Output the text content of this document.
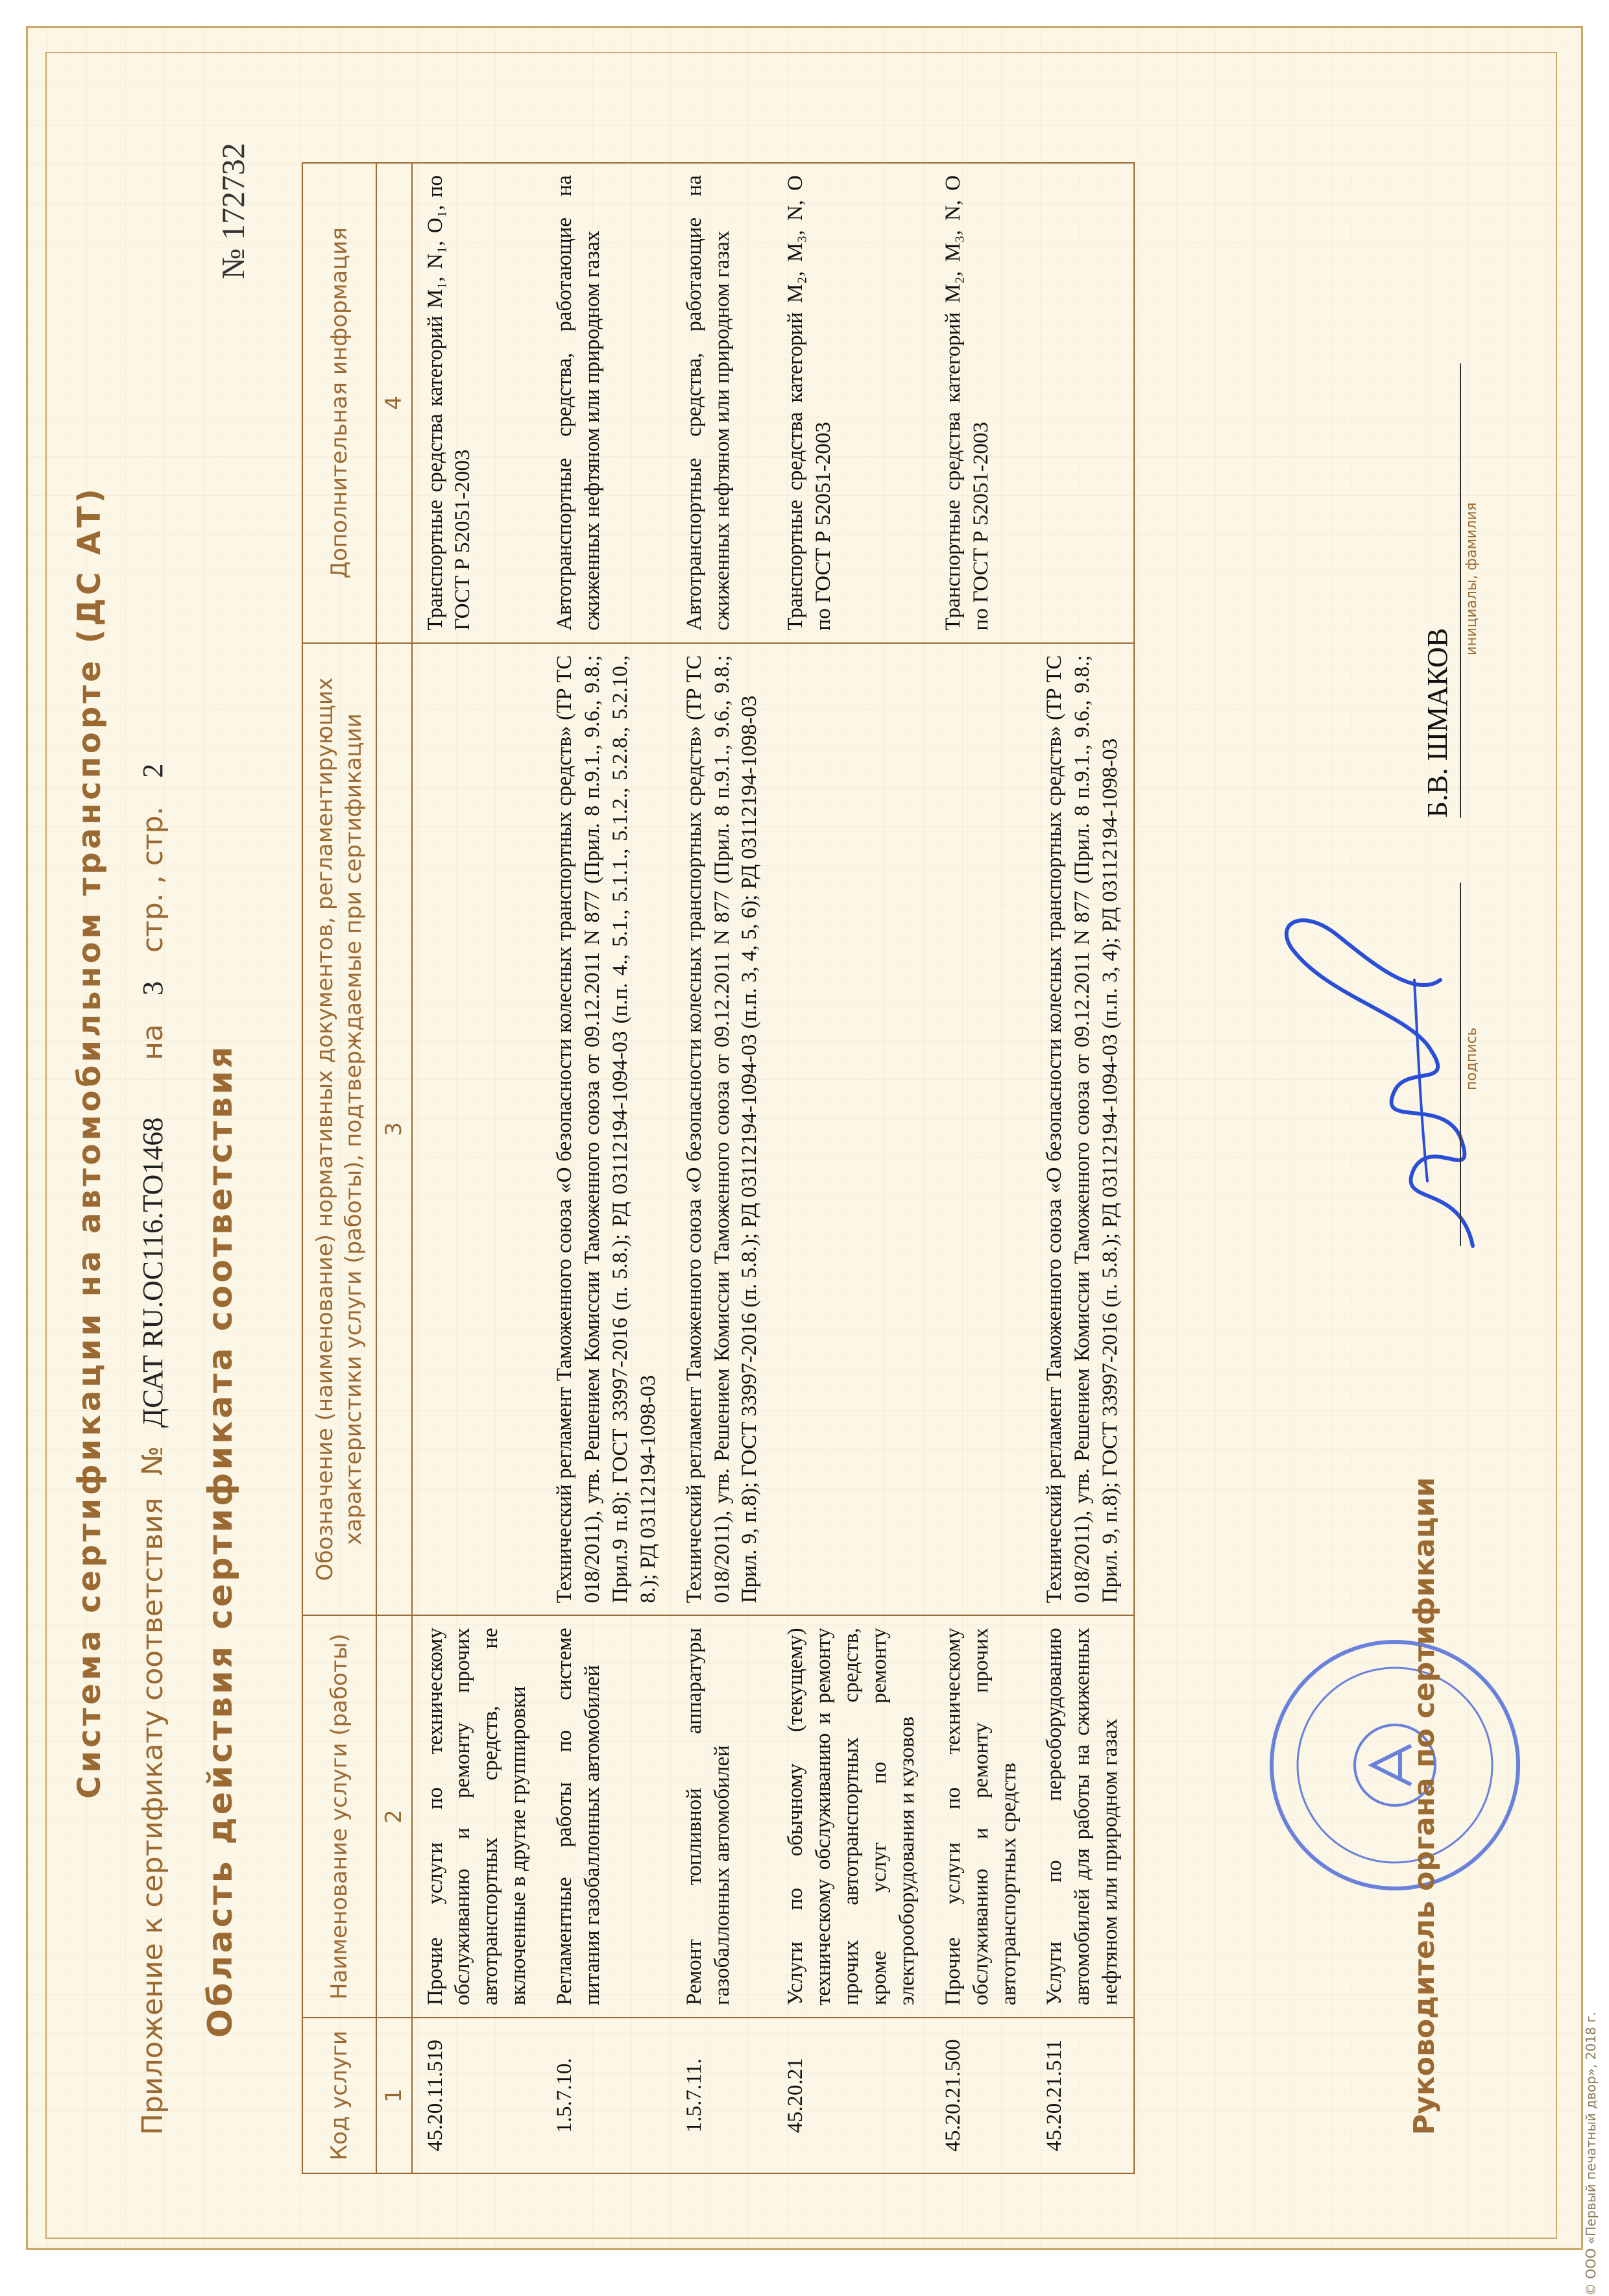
Система сертификации на автомобильном транспорте (ДС АТ)
Приложение к сертификату соответствия № ДСАТ RU.ОС116.ТО1468 на 3 стр. , стр. 2
Область действия сертификата соответствия
№ 172732
Код услуги	Наименование услуги (работы)	Обозначение (наименование) нормативных документов, регламентирующих характеристики услуги (работы), подтверждаемые при сертификации	Дополнительная информация
1	2	3	4
45.20.11.519	Прочие услуги по техническому обслуживанию и ремонту прочих автотранспортных средств, не включенные в другие группировки		Транспортные средства категорий M₁, N₁, O₁, по ГОСТ Р 52051-2003
1.5.7.10.	Регламентные работы по системе питания газобаллонных автомобилей	Технический регламент Таможенного союза «О безопасности колесных транспортных средств» (ТР ТС 018/2011), утв. Решением Комиссии Таможенного союза от 09.12.2011 N 877 (Прил. 8 п.9.1., 9.6., 9.8.; Прил.9 п.8); ГОСТ 33997-2016 (п. 5.8.); РД 03112194-1094-03 (п.п. 4., 5.1., 5.1.1., 5.1.2., 5.2.8., 5.2.10., 8.); РД 03112194-1098-03	Автотранспортные средства, работающие на сжиженных нефтяном или природном газах
1.5.7.11.	Ремонт топливной аппаратуры газобаллонных автомобилей	Технический регламент Таможенного союза «О безопасности колесных транспортных средств» (ТР ТС 018/2011), утв. Решением Комиссии Таможенного союза от 09.12.2011 N 877 (Прил. 8 п.9.1., 9.6., 9.8.; Прил. 9, п.8); ГОСТ 33997-2016 (п. 5.8.); РД 03112194-1094-03 (п.п. 3, 4, 5, 6); РД 03112194-1098-03	Автотранспортные средства, работающие на сжиженных нефтяном или природном газах
45.20.21	Услуги по обычному (текущему) техническому обслуживанию и ремонту прочих автотранспортных средств, кроме услуг по ремонту электрооборудования и кузовов		Транспортные средства категорий M₂, M₃, N, O по ГОСТ Р 52051-2003
45.20.21.500	Прочие услуги по техническому обслуживанию и ремонту прочих автотранспортных средств		Транспортные средства категорий M₂, M₃, N, O по ГОСТ Р 52051-2003
45.20.21.511	Услуги по переоборудованию автомобилей для работы на сжиженных нефтяном или природном газах	Технический регламент Таможенного союза «О безопасности колесных транспортных средств» (ТР ТС 018/2011), утв. Решением Комиссии Таможенного союза от 09.12.2011 N 877 (Прил. 8 п.9.1., 9.6., 9.8.; Прил. 9, п.8); ГОСТ 33997-2016 (п. 5.8.); РД 03112194-1094-03 (п.п. 3, 4); РД 03112194-1098-03	
Руководитель органа по сертификации
подпись
Б.В. ШМАКОВ
инициалы, фамилия
© ООО «Первый печатный двор», 2018 г.
